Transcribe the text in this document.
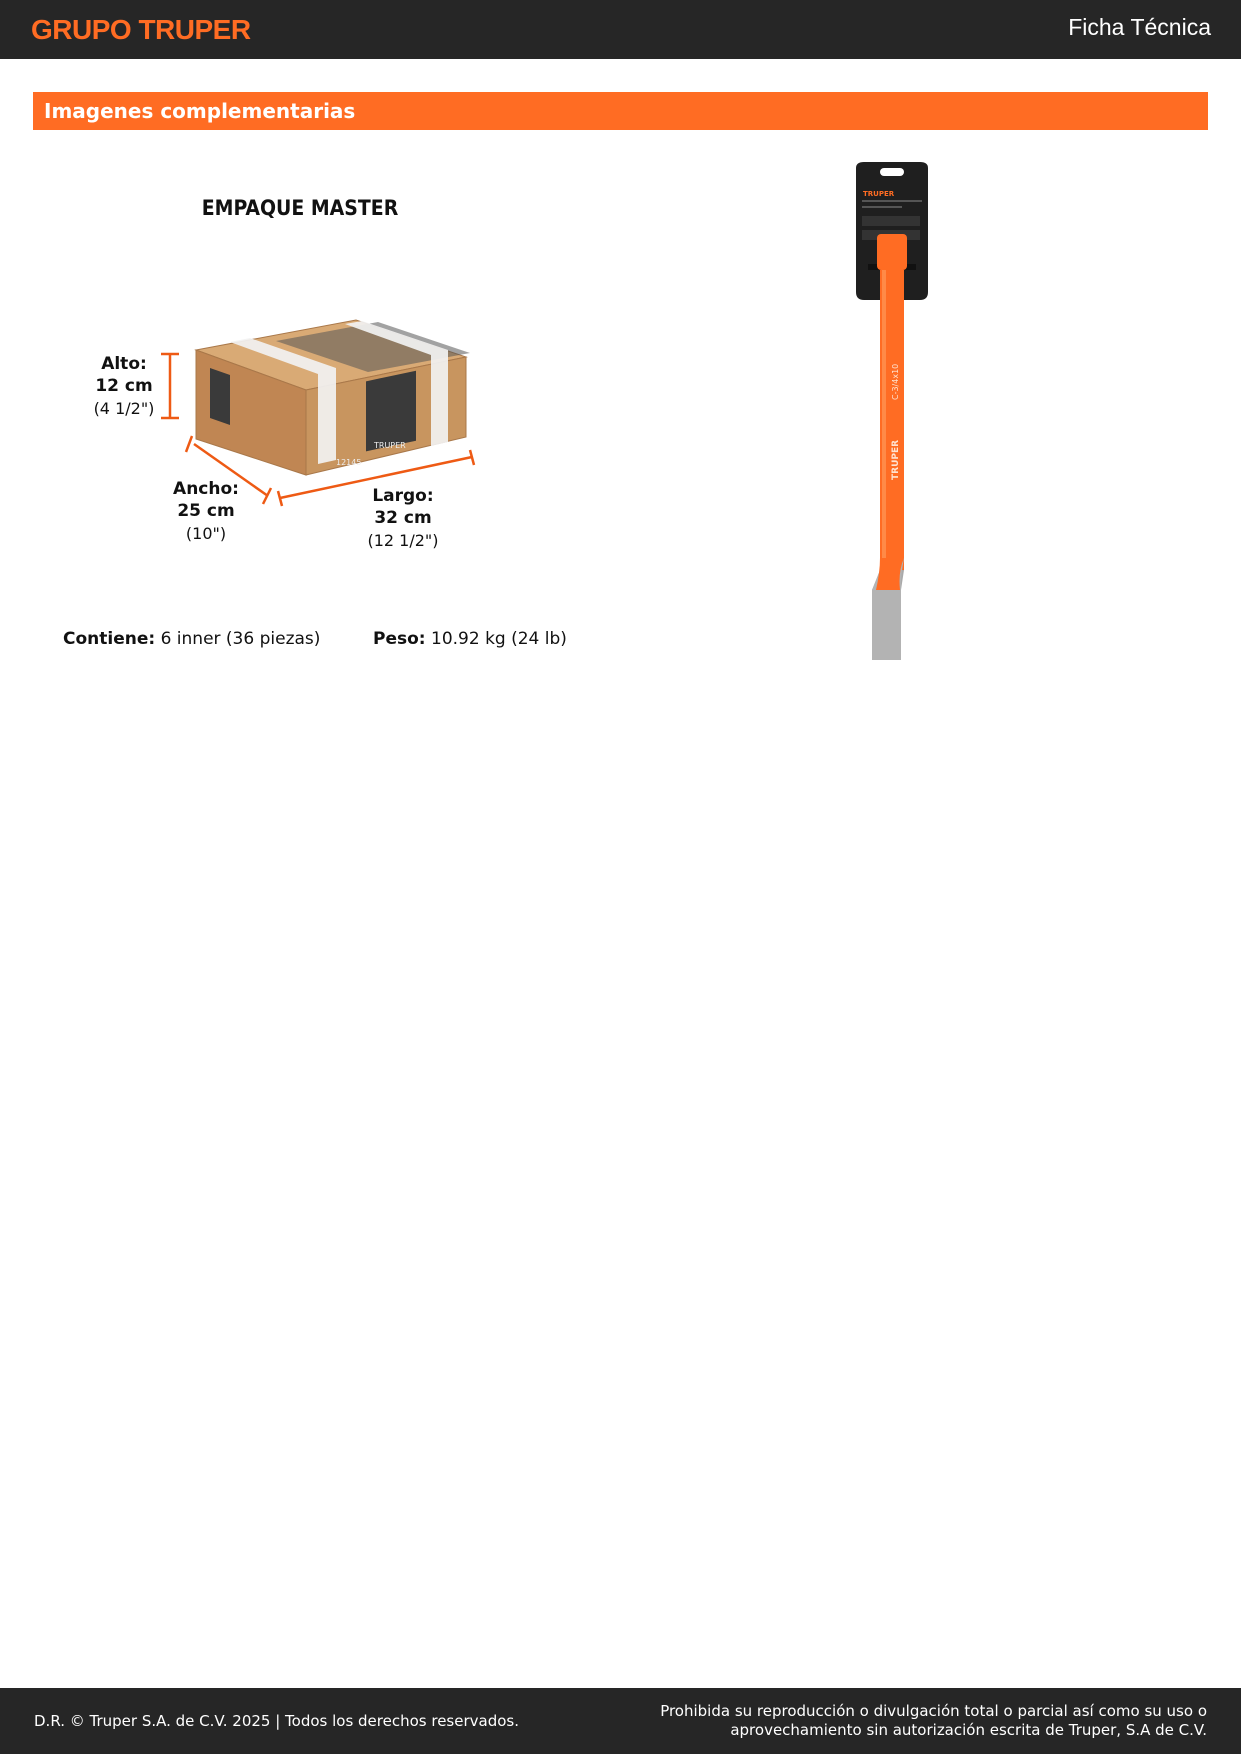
GRUPO TRUPER	Ficha Técnica
Imagenes complementarias
EMPAQUE MASTER
TRUPER
12145
Alto:
12 cm
(4 1/2")
Ancho:
25 cm
(10")
Largo:
32 cm
(12 1/2")
Contiene: 6 inner (36 piezas)	Peso: 10.92 kg (24 lb)
TRUPER
C-3/4x10
TRUPER
D.R. © Truper S.A. de C.V. 2025 | Todos los derechos reservados.
Prohibida su reproducción o divulgación total o parcial así como su uso o
aprovechamiento sin autorización escrita de Truper, S.A de C.V.
